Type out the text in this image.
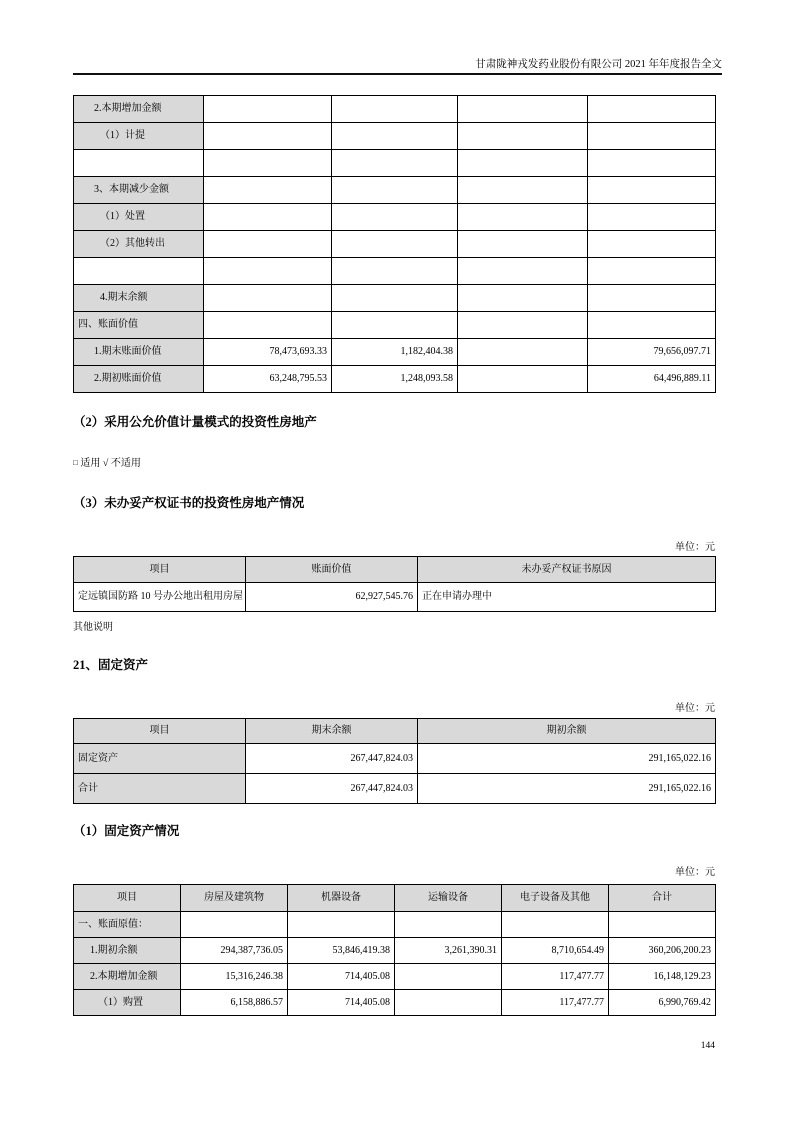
甘肃陇神戎发药业股份有限公司 2021 年年度报告全文
2.本期增加金额				
（1）计提				

3、本期减少金额				
（1）处置				
（2）其他转出				

4.期末余额				
四、账面价值				
1.期末账面价值	78,473,693.33	1,182,404.38		79,656,097.71
2.期初账面价值	63,248,795.53	1,248,093.58		64,496,889.11
（2）采用公允价值计量模式的投资性房地产
□ 适用 √ 不适用
（3）未办妥产权证书的投资性房地产情况
单位：元
项目	账面价值	未办妥产权证书原因
定远镇国防路 10 号办公地出租用房屋	62,927,545.76	正在申请办理中
其他说明
21、固定资产
单位：元
项目	期末余额	期初余额
固定资产	267,447,824.03	291,165,022.16
合计	267,447,824.03	291,165,022.16
（1）固定资产情况
单位：元
项目	房屋及建筑物	机器设备	运输设备	电子设备及其他	合计
一、账面原值：					
1.期初余额	294,387,736.05	53,846,419.38	3,261,390.31	8,710,654.49	360,206,200.23
2.本期增加金额	15,316,246.38	714,405.08		117,477.77	16,148,129.23
（1）购置	6,158,886.57	714,405.08		117,477.77	6,990,769.42
144
